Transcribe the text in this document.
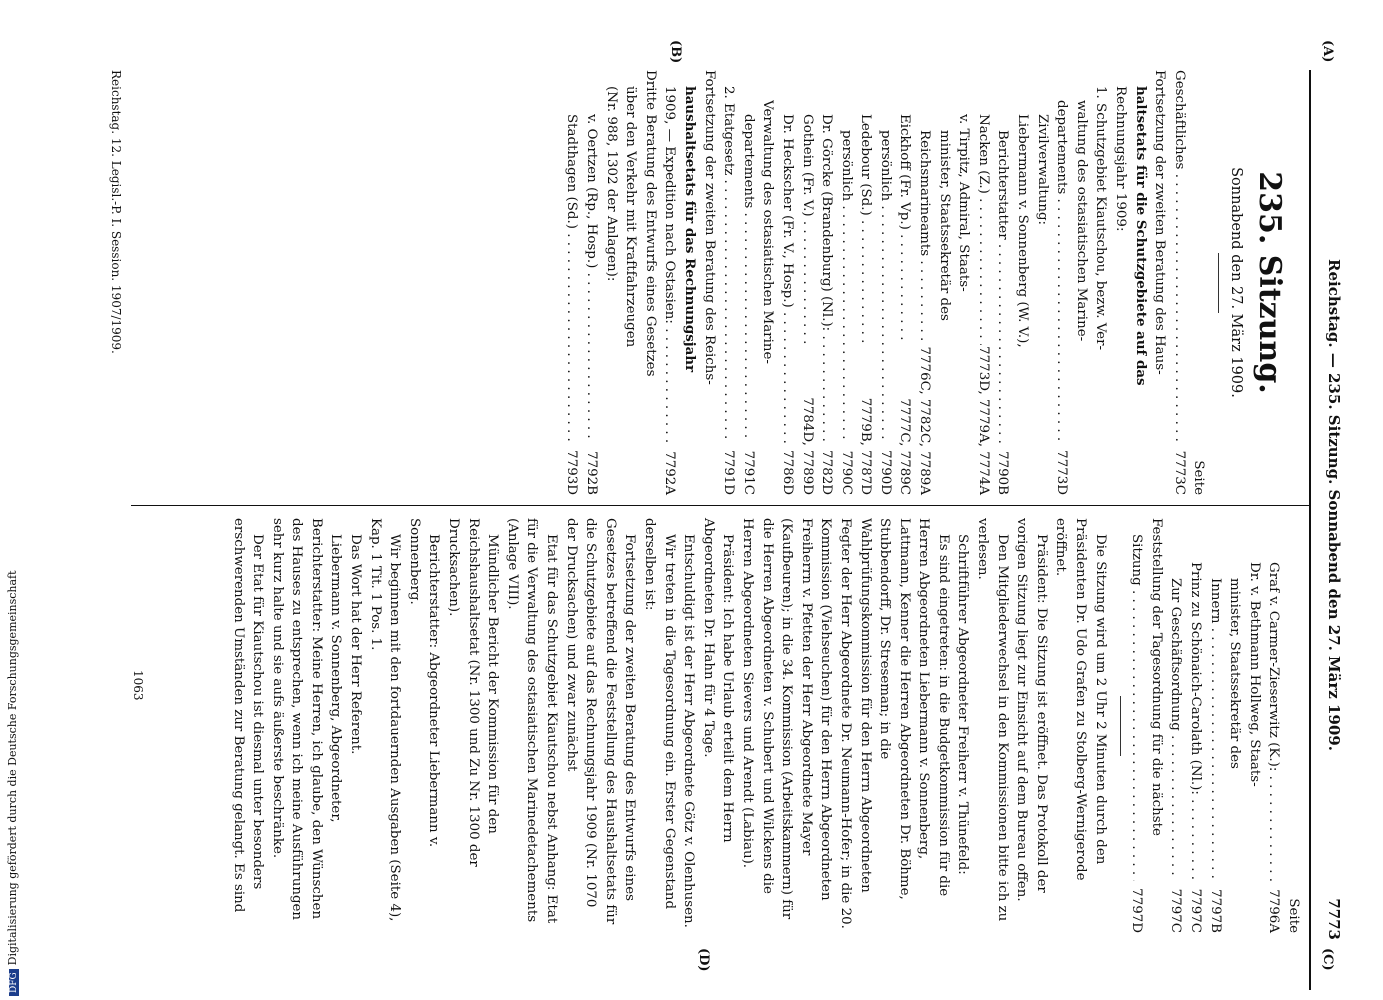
Reichstag. — 235. Sitzung. Sonnabend den 27. März 1909.
7773
(A)
(B)
(C)
(D)
235. Sitzung.
Sonnabend den 27. März 1909.
Seite
Geschäftliches . . .
7773C
Fortsetzung der zweiten Beratung des Haus-
haltsetats für die Schutzgebiete auf das
Rechnungsjahr 1909:
1. Schutzgebiet Kiautschou, bezw. Ver-
waltung des ostasiatischen Marine-
departements . . .
7773D
Zivilverwaltung:
Liebermann v. Sonnenberg (W. V.),
Berichterstatter . . .
7790B
Nacken (Z.) . . .
7773D, 7779A, 7774A
v. Tirpitz, Admiral, Staats-
minister, Staatssekretär des
Reichsmarineamts . . .
7776C, 7782C, 7789A
Eickhoff (Fr. Vp.) . . .
7777C, 7789C
persönlich . . .
7790D
Ledebour (Sd.) . . .
7779B, 7787D
persönlich . . .
7790C
Dr. Görcke (Brandenburg) (Nl.): . . .
7782D
Gothein (Fr. V.) . . .
7784D, 7789D
Dr. Heckscher (Fr. V., Hosp.) . . .
7786D
Verwaltung des ostasiatischen Marine-
departements . . .
7791C
2. Etatgesetz . . .
7791D
Fortsetzung der zweiten Beratung des Reichs-
haushaltsetats für das Rechnungsjahr
1909, — Expedition nach Ostasien: . . .
7792A
Dritte Beratung des Entwurfs eines Gesetzes
über den Verkehr mit Kraftfahrzeugen
(Nr. 988, 1302 der Anlagen):
v. Oertzen (Rp., Hosp.) . . .
7792B
Stadthagen (Sd.) . . .
7793D
Seite
Graf v. Carmer-Zieserwitz (K.): . . .
7796A
Dr. v. Bethmann Hollweg, Staats-
minister, Staatssekretär des
Innern . . .
7797B
Prinz zu Schönaich-Carolath (Nl.): . . .
7797C
Zur Geschäftsordnung . . .
7797C
Feststellung der Tagesordnung für die nächste
Sitzung . . .
7797D

Die Sitzung wird um 2 Uhr 2 Minuten durch den Präsidenten Dr. Udo Grafen zu Stolberg-Wernigerode eröffnet.

Präsident: Die Sitzung ist eröffnet. Das Protokoll der vorigen Sitzung liegt zur Einsicht auf dem Bureau offen.

Den Mitgliederwechsel in den Kommissionen bitte ich zu verlesen.

Schriftführer Abgeordneter Freiherr v. Thünefeld:

Es sind eingetreten: in die Budgetkommission für die Herren Abgeordneten Liebermann v. Sonnenberg, Lattmann, Kenner die Herren Abgeordneten Dr. Böhme, Stubbendorff, Dr. Streseman; in die Wahlprüfungskommission für den Herrn Abgeordneten Fegter der Herr Abgeordnete Dr. Neumann-Hofer; in die 20. Kommission (Viehseuchen) für den Herrn Abgeordneten Freiherrn v. Pfetten der Herr Abgeordnete Mayer (Kaufbeuren); in die 34. Kommission (Arbeitskammern) für die Herren Abgeordneten v. Schubert und Wilckens die Herren Abgeordneten Sievers und Arendt (Labiau).

Präsident: Ich habe Urlaub erteilt dem Herrn Abgeordneten Dr. Hahn für 4 Tage.

Entschuldigt ist der Herr Abgeordnete Götz v. Olenhusen.

Wir treten in die Tagesordnung ein. Erster Gegenstand derselben ist:

Fortsetzung der zweiten Beratung des Entwurfs eines Gesetzes betreffend die Feststellung des Haushaltsetats für die Schutzgebiete auf das Rechnungsjahr 1909 (Nr. 1070 der Drucksachen) und zwar zunächst

Etat für das Schutzgebiet Kiautschou nebst Anhang: Etat für die Verwaltung des ostasiatischen Marinedetachements (Anlage VIII).

Mündlicher Bericht der Kommission für den Reichshaushaltsetat (Nr. 1300 und Zu Nr. 1300 der Drucksachen).

Berichterstatter: Abgeordneter Liebermann v. Sonnenberg.

Wir beginnen mit den fortdauernden Ausgaben (Seite 4), Kap. 1 Tit. 1 Pos. 1.

Das Wort hat der Herr Referent.

Liebermann v. Sonnenberg, Abgeordneter, Berichterstatter: Meine Herren, ich glaube, den Wünschen des Hauses zu entsprechen, wenn ich meine Ausführungen sehr kurz halte und sie aufs äußerste beschränke.

Der Etat für Kiautschou ist diesmal unter besonders erschwerenden Umständen zur Beratung gelangt. Es sind

1063
Reichstag. 12. Legisl.-P. I. Session. 1907/1909.
DFGDigitalisierung gefördert durch die Deutsche Forschungsgemeinschaft
